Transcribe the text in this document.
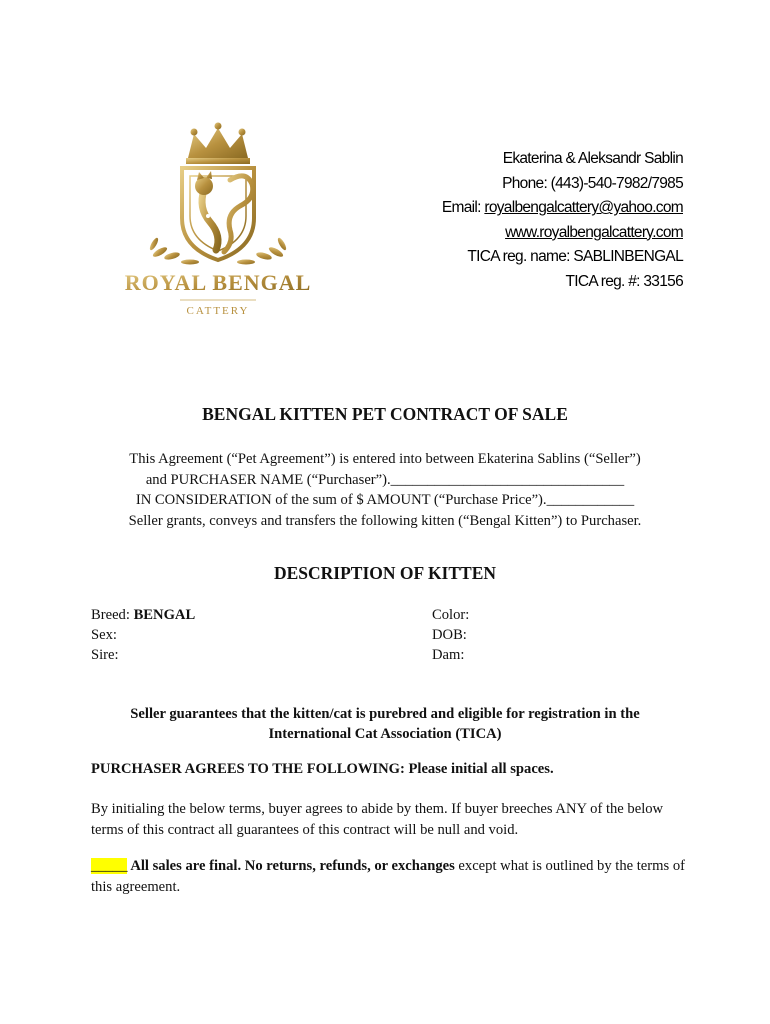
ROYAL BENGAL
CATTERY
Ekaterina & Aleksandr Sablin
Phone: (443)-540-7982/7985
Email: royalbengalcattery@yahoo.com
www.royalbengalcattery.com
TICA reg. name: SABLINBENGAL
TICA reg. #: 33156
BENGAL KITTEN PET CONTRACT OF SALE
This Agreement (“Pet Agreement”) is entered into between Ekaterina Sablins (“Seller”)
and PURCHASER NAME (“Purchaser”).________________________________
IN CONSIDERATION of the sum of $ AMOUNT (“Purchase Price”).____________
Seller grants, conveys and transfers the following kitten (“Bengal Kitten”) to Purchaser.
DESCRIPTION OF KITTEN
Breed: BENGAL
Sex:
Sire:
Color:
DOB:
Dam:
Seller guarantees that the kitten/cat is purebred and eligible for registration in the
International Cat Association (TICA)
PURCHASER AGREES TO THE FOLLOWING: Please initial all spaces.
By initialing the below terms, buyer agrees to abide by them. If buyer breeches ANY of the below terms of this contract all guarantees of this contract will be null and void.
_____ All sales are final. No returns, refunds, or exchanges except what is outlined by the terms of this agreement.
